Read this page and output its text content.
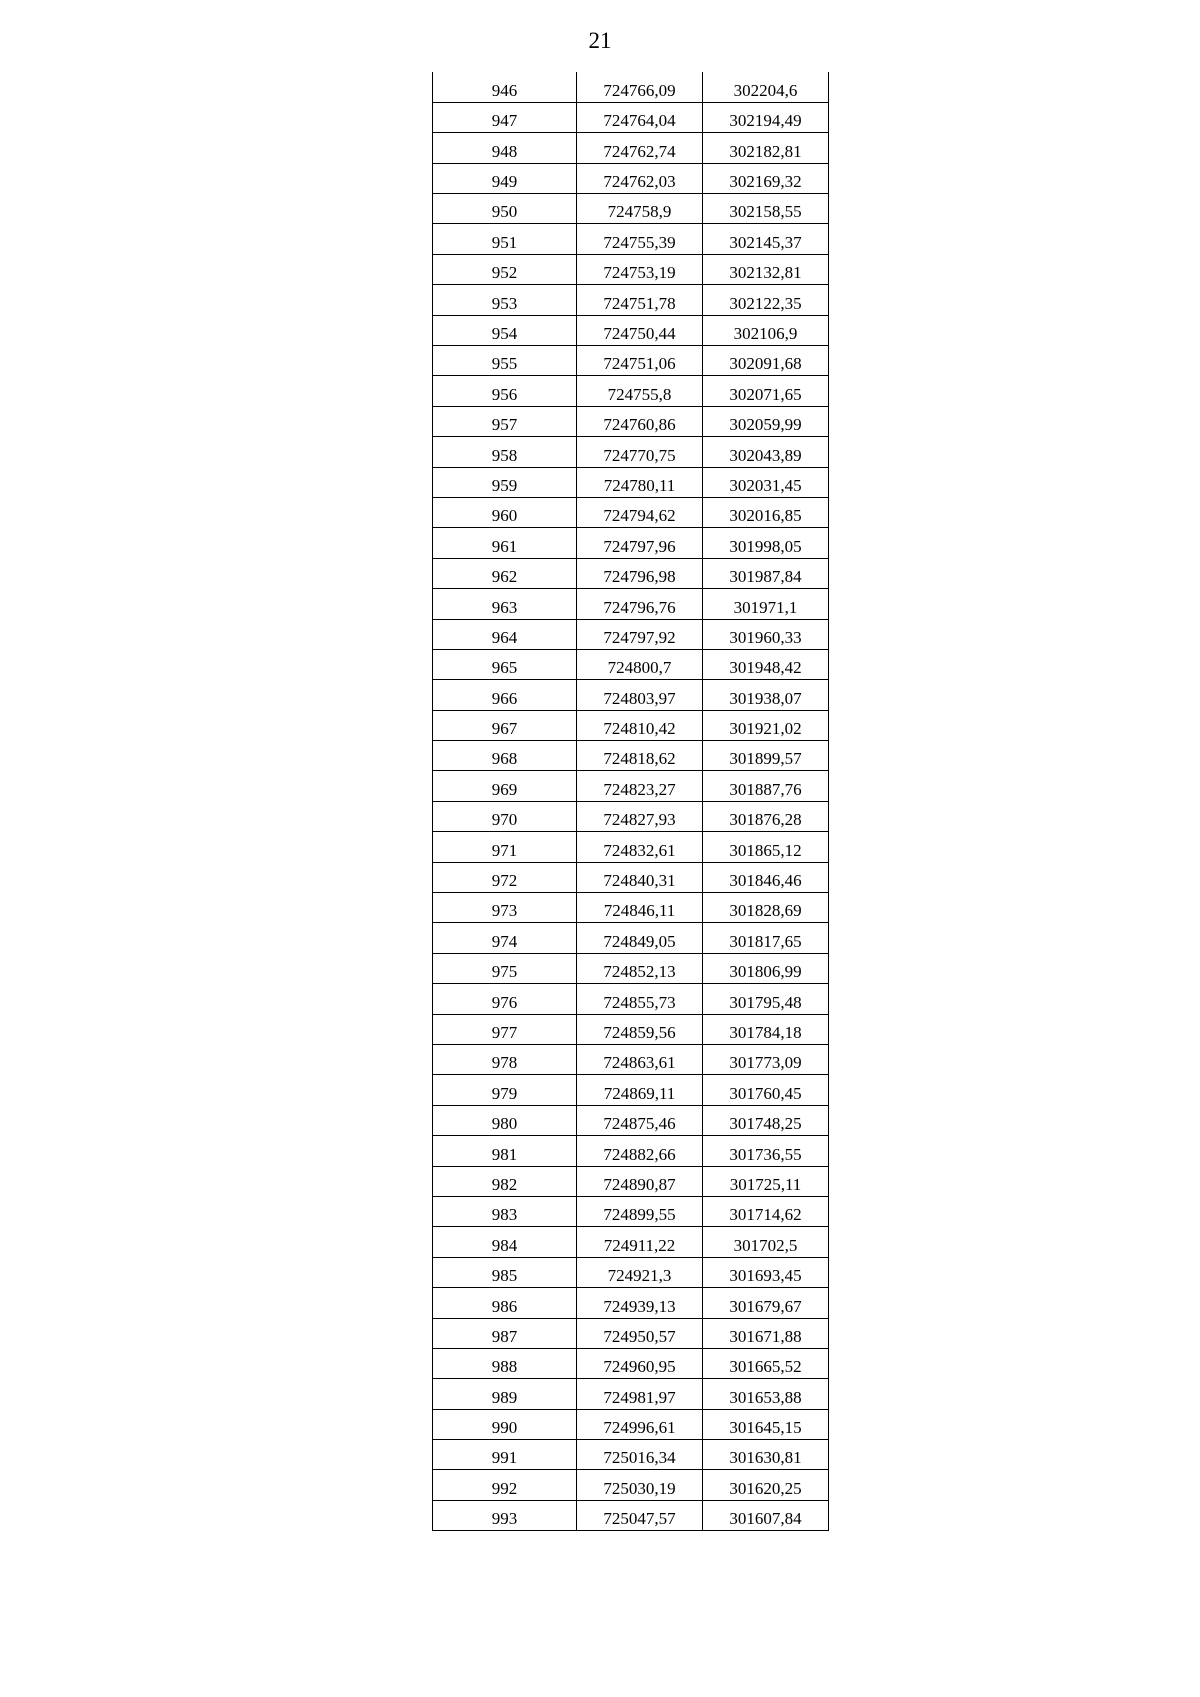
21
946	724766,09	302204,6
947	724764,04	302194,49
948	724762,74	302182,81
949	724762,03	302169,32
950	724758,9	302158,55
951	724755,39	302145,37
952	724753,19	302132,81
953	724751,78	302122,35
954	724750,44	302106,9
955	724751,06	302091,68
956	724755,8	302071,65
957	724760,86	302059,99
958	724770,75	302043,89
959	724780,11	302031,45
960	724794,62	302016,85
961	724797,96	301998,05
962	724796,98	301987,84
963	724796,76	301971,1
964	724797,92	301960,33
965	724800,7	301948,42
966	724803,97	301938,07
967	724810,42	301921,02
968	724818,62	301899,57
969	724823,27	301887,76
970	724827,93	301876,28
971	724832,61	301865,12
972	724840,31	301846,46
973	724846,11	301828,69
974	724849,05	301817,65
975	724852,13	301806,99
976	724855,73	301795,48
977	724859,56	301784,18
978	724863,61	301773,09
979	724869,11	301760,45
980	724875,46	301748,25
981	724882,66	301736,55
982	724890,87	301725,11
983	724899,55	301714,62
984	724911,22	301702,5
985	724921,3	301693,45
986	724939,13	301679,67
987	724950,57	301671,88
988	724960,95	301665,52
989	724981,97	301653,88
990	724996,61	301645,15
991	725016,34	301630,81
992	725030,19	301620,25
993	725047,57	301607,84
